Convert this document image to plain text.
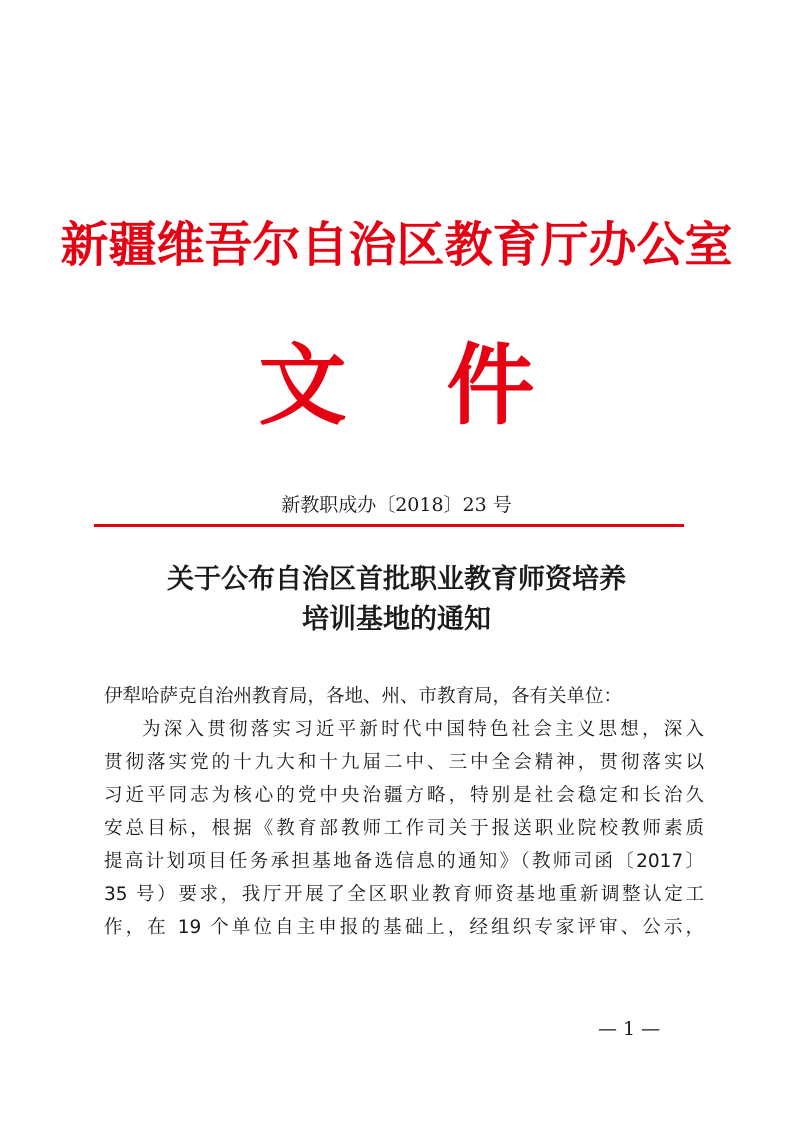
新疆维吾尔自治区教育厅办公室
文件
新教职成办〔2018〕23 号
关于公布自治区首批职业教育师资培养
培训基地的通知
伊犁哈萨克自治州教育局，各地、州、市教育局，各有关单位：
为深入贯彻落实习近平新时代中国特色社会主义思想，深入
贯彻落实党的十九大和十九届二中、三中全会精神，贯彻落实以
习近平同志为核心的党中央治疆方略，特别是社会稳定和长治久
安总目标，根据《教育部教师工作司关于报送职业院校教师素质
提高计划项目任务承担基地备选信息的通知》（教师司函〔2017〕
35 号）要求，我厅开展了全区职业教育师资基地重新调整认定工
作，在 19 个单位自主申报的基础上，经组织专家评审、公示，
— 1 —
